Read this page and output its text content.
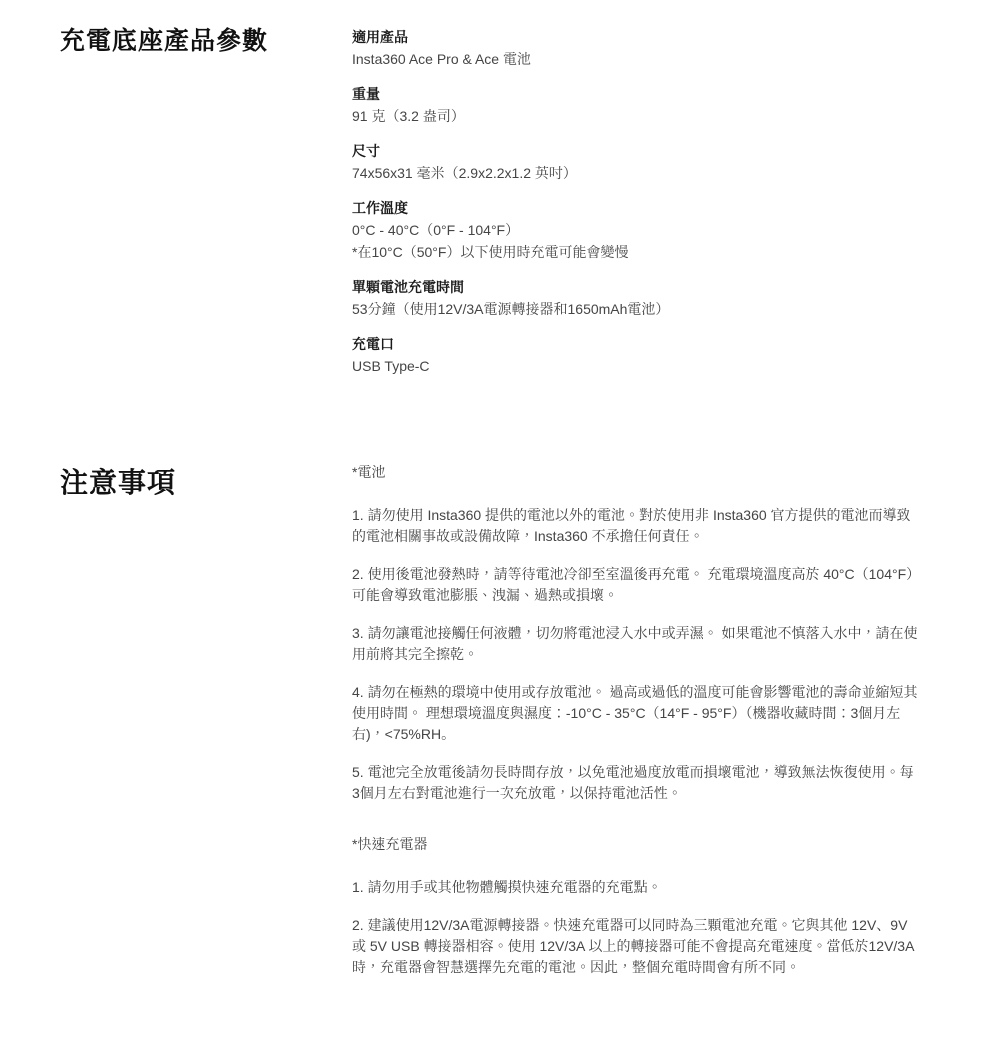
充電底座產品參數	適用產品

Insta360 Ace Pro & Ace 電池

重量

91 克（3.2 盎司）

尺寸

74x56x31 毫米（2.9x2.2x1.2 英吋）

工作溫度

0°C - 40°C（0°F - 104°F）

*在10°C（50°F）以下使用時充電可能會變慢

單顆電池充電時間

53分鐘（使用12V/3A電源轉接器和1650mAh電池）

充電口

USB Type-C

注意事項	*電池

1. 請勿使用 Insta360 提供的電池以外的電池。對於使用非 Insta360 官方提供的電池而導致的電池相關事故或設備故障，Insta360 不承擔任何責任。

2. 使用後電池發熱時，請等待電池冷卻至室溫後再充電。 充電環境溫度高於 40°C（104°F）可能會導致電池膨脹、洩漏、過熱或損壞。

3. 請勿讓電池接觸任何液體，切勿將電池浸入水中或弄濕。 如果電池不慎落入水中，請在使用前將其完全擦乾。

4. 請勿在極熱的環境中使用或存放電池。 過高或過低的溫度可能會影響電池的壽命並縮短其使用時間。 理想環境溫度與濕度：-10°C - 35°C（14°F - 95°F）（機器收藏時間：3個月左右)，<75%RH。

5. 電池完全放電後請勿長時間存放，以免電池過度放電而損壞電池，導致無法恢復使用。每3個月左右對電池進行一次充放電，以保持電池活性。

*快速充電器

1. 請勿用手或其他物體觸摸快速充電器的充電點。

2. 建議使用12V/3A電源轉接器。快速充電器可以同時為三顆電池充電。它與其他 12V、9V 或 5V USB 轉接器相容。使用 12V/3A 以上的轉接器可能不會提高充電速度。當低於12V/3A時，充電器會智慧選擇先充電的電池。因此，整個充電時間會有所不同。
